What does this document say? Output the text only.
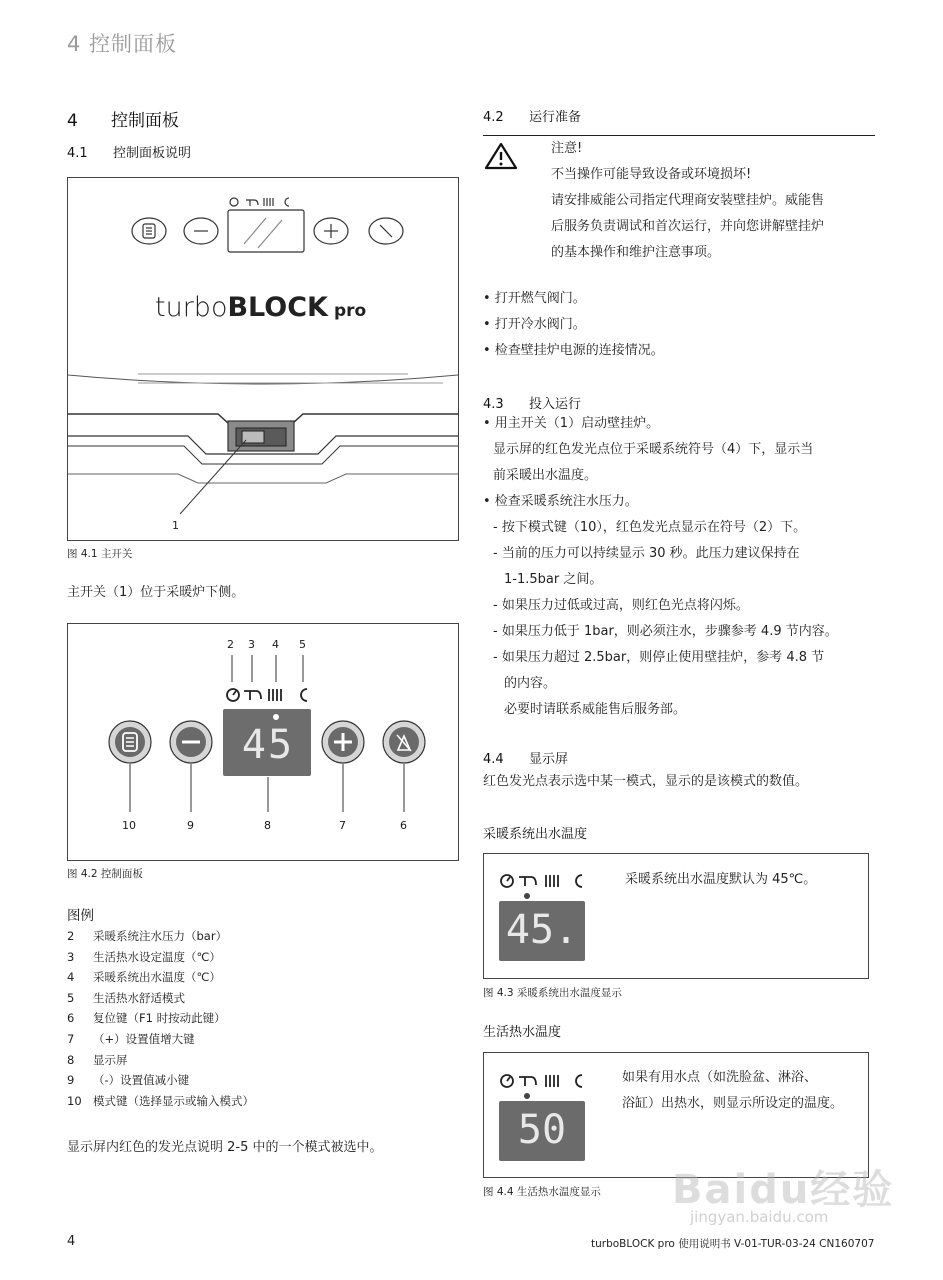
4 控制面板
4 控制面板
4.1 控制面板说明
turboBLOCK pro
1
图 4.1 主开关
主开关（1）位于采暖炉下侧。
2 3 4 5
45
10	9	8	7	6
图 4.2 控制面板
图例
2 采暖系统注水压力（bar）
3 生活热水设定温度（℃）
4 采暖系统出水温度（℃）
5 生活热水舒适模式
6 复位键（F1 时按动此键）
7 （+）设置值增大键
8 显示屏
9 （-）设置值减小键
10 模式键（选择显示或输入模式）
显示屏内红色的发光点说明 2-5 中的一个模式被选中。
4.2 运行准备
注意!
不当操作可能导致设备或环境损坏!
请安排威能公司指定代理商安装壁挂炉。威能售
后服务负责调试和首次运行，并向您讲解壁挂炉
的基本操作和维护注意事项。
• 打开燃气阀门。
• 打开冷水阀门。
• 检查壁挂炉电源的连接情况。
4.3 投入运行
• 用主开关（1）启动壁挂炉。
显示屏的红色发光点位于采暖系统符号（4）下，显示当
前采暖出水温度。
• 检查采暖系统注水压力。
- 按下模式键（10），红色发光点显示在符号（2）下。
- 当前的压力可以持续显示 30 秒。此压力建议保持在
1-1.5bar 之间。
- 如果压力过低或过高，则红色光点将闪烁。
- 如果压力低于 1bar，则必须注水，步骤参考 4.9 节内容。
- 如果压力超过 2.5bar，则停止使用壁挂炉，参考 4.8 节
的内容。
必要时请联系威能售后服务部。
4.4 显示屏
红色发光点表示选中某一模式，显示的是该模式的数值。
采暖系统出水温度
45.
采暖系统出水温度默认为 45℃。
图 4.3 采暖系统出水温度显示
生活热水温度
50
如果有用水点（如洗脸盆、淋浴、
浴缸）出热水，则显示所设定的温度。
图 4.4 生活热水温度显示 Baidu经验
jingyan.baidu.com
4	turboBLOCK pro 使用说明书 V-01-TUR-03-24 CN160707
